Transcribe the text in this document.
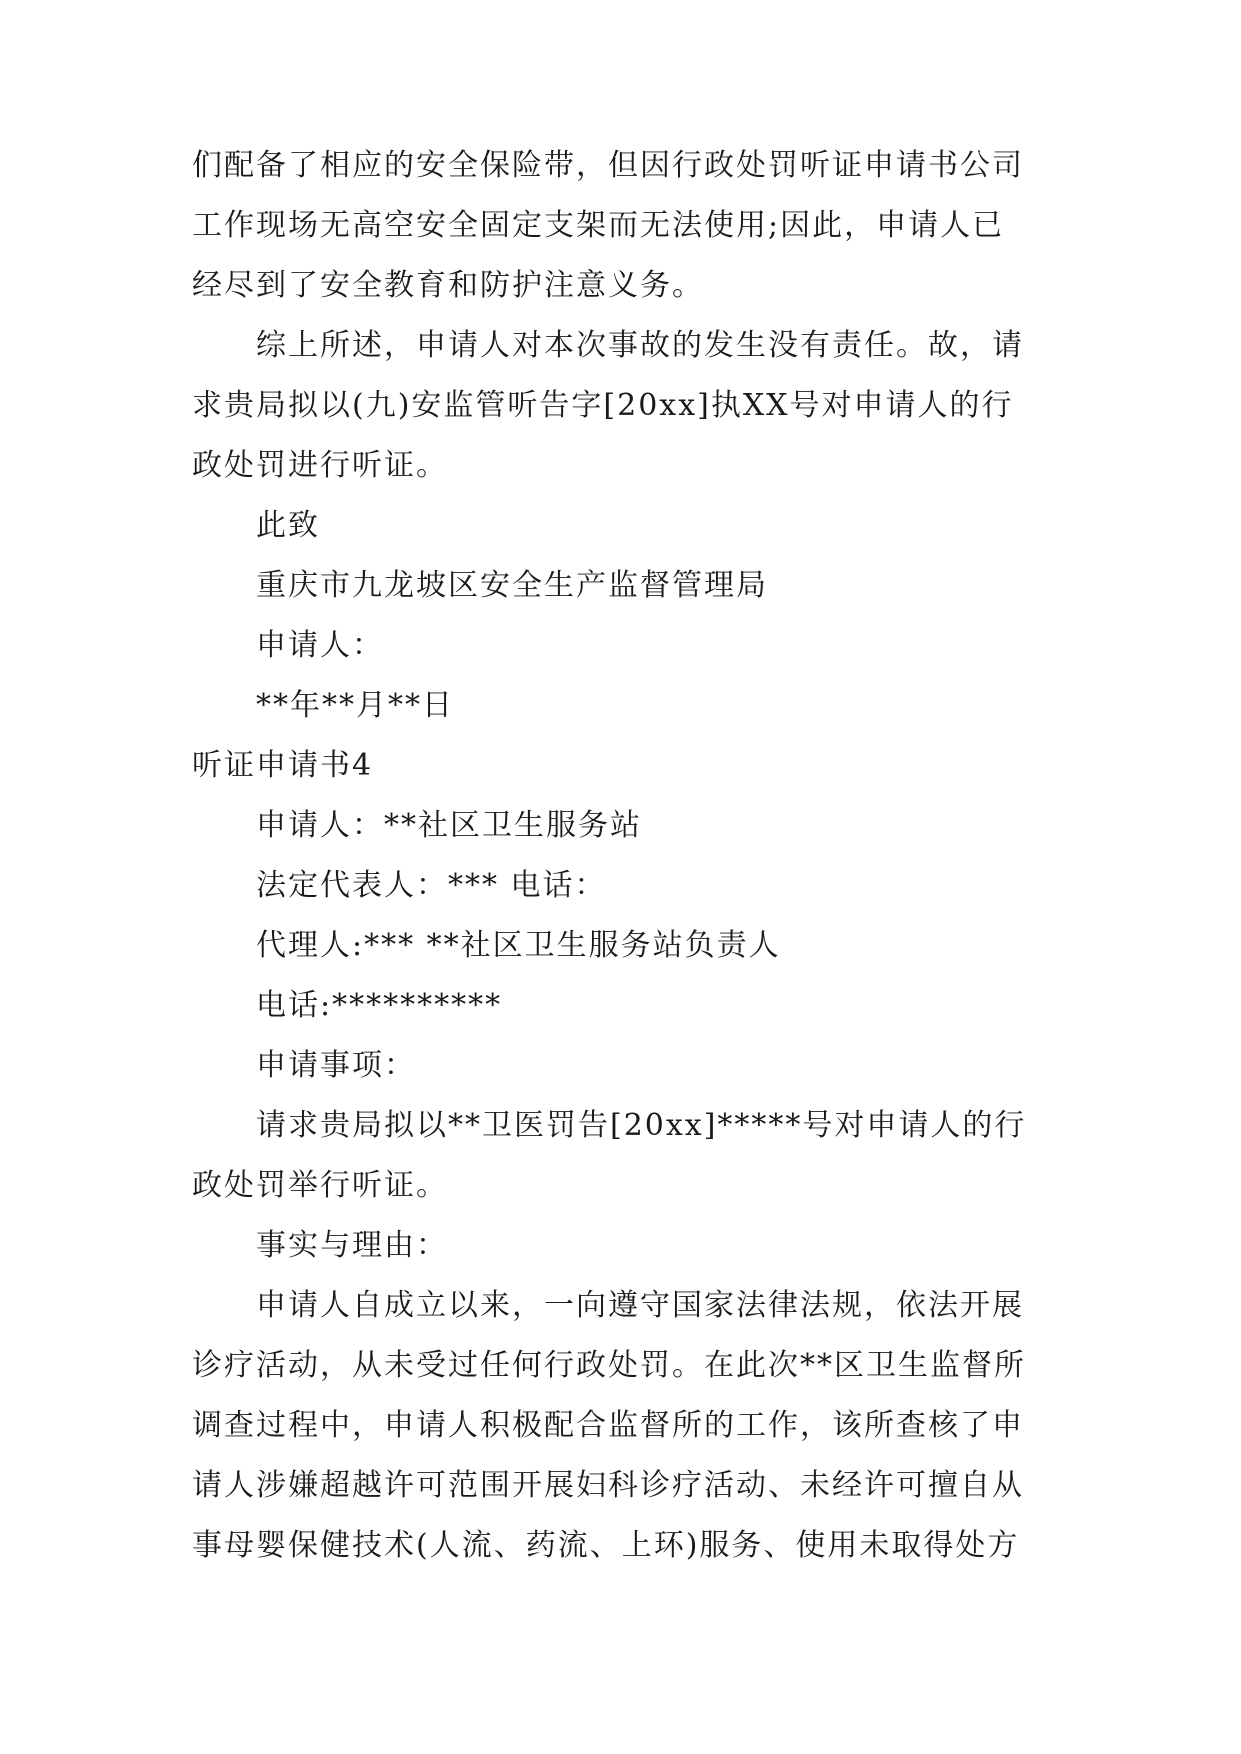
们配备了相应的安全保险带，但因行政处罚听证申请书公司
工作现场无高空安全固定支架而无法使用;因此，申请人已
经尽到了安全教育和防护注意义务。
综上所述，申请人对本次事故的发生没有责任。故，请
求贵局拟以(九)安监管听告字[20xx]执XX号对申请人的行
政处罚进行听证。
此致
重庆市九龙坡区安全生产监督管理局
申请人：
**年**月**日
听证申请书4
申请人：**社区卫生服务站
法定代表人：*** 电话：
代理人:*** **社区卫生服务站负责人
电话:**********
申请事项：
请求贵局拟以**卫医罚告[20xx]*****号对申请人的行
政处罚举行听证。
事实与理由：
申请人自成立以来，一向遵守国家法律法规，依法开展
诊疗活动，从未受过任何行政处罚。在此次**区卫生监督所
调查过程中，申请人积极配合监督所的工作，该所查核了申
请人涉嫌超越许可范围开展妇科诊疗活动、未经许可擅自从
事母婴保健技术(人流、药流、上环)服务、使用未取得处方
